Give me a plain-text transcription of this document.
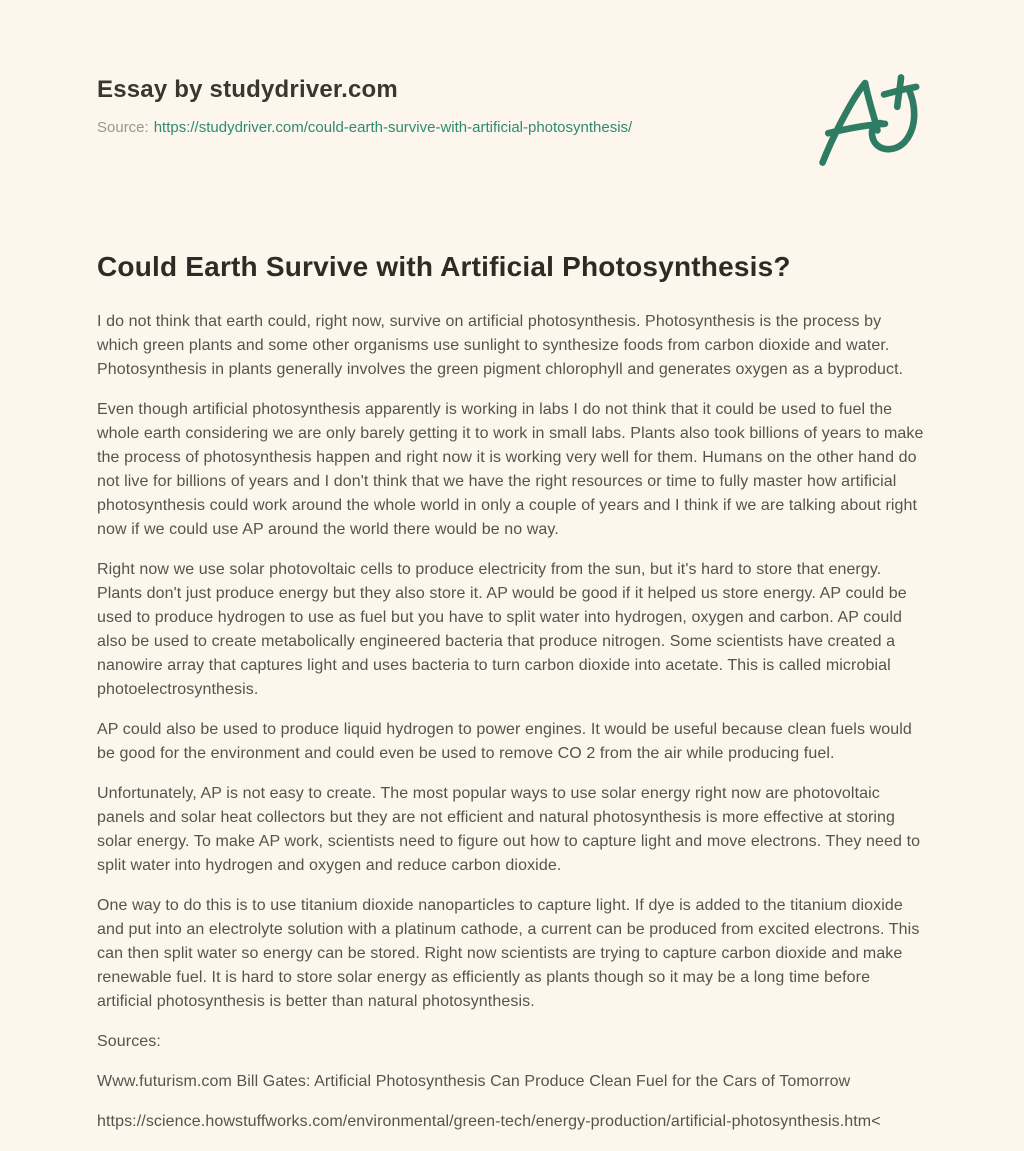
Essay by studydriver.com
Source: https://studydriver.com/could-earth-survive-with-artificial-photosynthesis/
Could Earth Survive with Artificial Photosynthesis?

I do not think that earth could, right now, survive on artificial photosynthesis. Photosynthesis is the process by which green plants and some other organisms use sunlight to synthesize foods from carbon dioxide and water. Photosynthesis in plants generally involves the green pigment chlorophyll and generates oxygen as a byproduct.

Even though artificial photosynthesis apparently is working in labs I do not think that it could be used to fuel the whole earth considering we are only barely getting it to work in small labs. Plants also took billions of years to make the process of photosynthesis happen and right now it is working very well for them. Humans on the other hand do not live for billions of years and I don't think that we have the right resources or time to fully master how artificial photosynthesis could work around the whole world in only a couple of years and I think if we are talking about right now if we could use AP around the world there would be no way.

Right now we use solar photovoltaic cells to produce electricity from the sun, but it's hard to store that energy. Plants don't just produce energy but they also store it. AP would be good if it helped us store energy. AP could be used to produce hydrogen to use as fuel but you have to split water into hydrogen, oxygen and carbon. AP could also be used to create metabolically engineered bacteria that produce nitrogen. Some scientists have created a nanowire array that captures light and uses bacteria to turn carbon dioxide into acetate. This is called microbial photoelectrosynthesis.

AP could also be used to produce liquid hydrogen to power engines. It would be useful because clean fuels would be good for the environment and could even be used to remove CO 2 from the air while producing fuel.

Unfortunately, AP is not easy to create. The most popular ways to use solar energy right now are photovoltaic panels and solar heat collectors but they are not efficient and natural photosynthesis is more effective at storing solar energy. To make AP work, scientists need to figure out how to capture light and move electrons. They need to split water into hydrogen and oxygen and reduce carbon dioxide.

One way to do this is to use titanium dioxide nanoparticles to capture light. If dye is added to the titanium dioxide and put into an electrolyte solution with a platinum cathode, a current can be produced from excited electrons. This can then split water so energy can be stored. Right now scientists are trying to capture carbon dioxide and make renewable fuel. It is hard to store solar energy as efficiently as plants though so it may be a long time before artificial photosynthesis is better than natural photosynthesis.

Sources:

Www.futurism.com Bill Gates: Artificial Photosynthesis Can Produce Clean Fuel for the Cars of Tomorrow

https://science.howstuffworks.com/environmental/green-tech/energy-production/artificial-photosynthesis.htm<
